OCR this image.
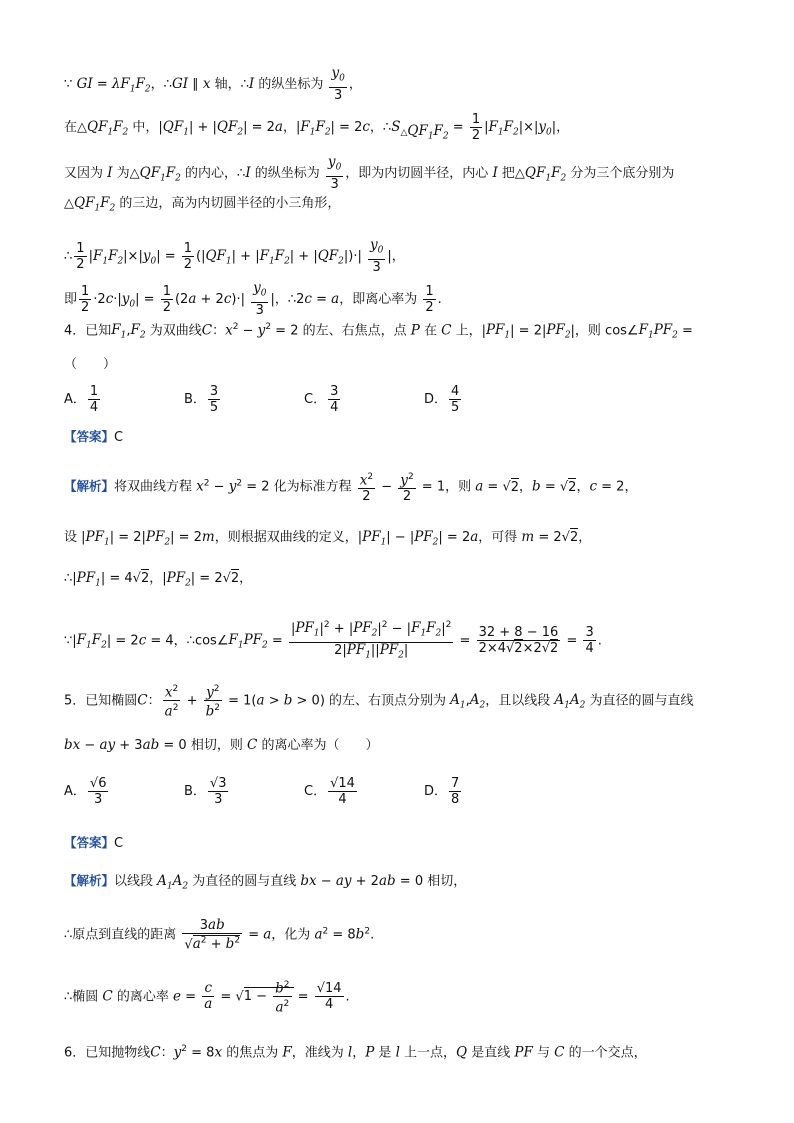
∵ GI = $\lambda F_1F_2$，∴GI ∥ x 轴，∴I 的纵坐标为 $\frac{y_0}{3}$ ，
在$\triangle QF_1F_2$ 中，$|QF_1| + |QF_2| = 2a$，$|F_1F_2| = 2c$，$\therefore S_{\triangle QF_1F_2} = \frac{1}{2} |F_1F_2|\times|y_0|$，
又因为 I 为$\triangle QF_1F_2$ 的内心，∴I 的纵坐标为 $\frac{y_0}{3}$ ，即为内切圆半径，内心 I 把$\triangle QF_1F_2$ 分为三个底分别为
$\triangle QF_1F_2$ 的三边，高为内切圆半径的小三角形，
∴ $\frac{1}{2} |F_1F_2|\times|y_0| = \frac{1}{2} (|QF_1| + |F_1F_2| + |QF_2|)\cdot| \frac{y_0}{3}$ |，
即 $\frac{1}{2} \cdot 2c\cdot|y_0| = \frac{1}{2} (2a + 2c)\cdot| \frac{y_0}{3}$ |，∴2c = a，即离心率为 $\frac{1}{2}$ .
4．已知$F_1,F_2$ 为双曲线C：$x^2 - y^2 = 2$ 的左、右焦点，点 P 在 C 上，$|PF_1| = 2|PF_2|$，则 $\cos\angle F_1PF_2$ =
（　　）
A． $\frac{1}{4}$	B． $\frac{3}{5}$	C． $\frac{3}{4}$	D． $\frac{4}{5}$
【答案】C
【解析】将双曲线方程 $x^2 - y^2 = 2$ 化为标准方程 $\frac{x^2}{2} - \frac{y^2}{2} = 1$，则 a = √2，b = √2，c = 2，
设 $|PF_1| = 2|PF_2| = 2m$，则根据双曲线的定义，$|PF_1| - |PF_2| = 2a$，可得 m = 2√2，
$\therefore|PF_1| = 4√2$，$|PF_2| = 2√2$，
$\because|F_1F_2| = 2c = 4$，$\therefore\cos\angle F_1PF_2 = \frac{|PF_1|^2 + |PF_2|^2 - |F_1F_2|^2}{2|PF_1||PF_2|} = \frac{32 + 8 - 16}{2\times 4√2\times 2√2} = \frac{3}{4}$ .
5．已知椭圆C： $\frac{x^2}{a^2} + \frac{y^2}{b^2} = 1(a > b > 0)$ 的左、右顶点分别为 $A_1,A_2$，且以线段 $A_1A_2$ 为直径的圆与直线
bx − ay + 3ab = 0 相切，则 C 的离心率为（　　）
A． $\frac{√6}{3}$	B． $\frac{√3}{3}$	C． $\frac{√14}{4}$	D． $\frac{7}{8}$
【答案】C
【解析】以线段 $A_1A_2$ 为直径的圆与直线 bx − ay + 2ab = 0 相切，
∴原点到直线的距离 $\frac{3ab}{√a^2 + b^2} = a$，化为 $a^2 = 8b^2$.
∴椭圆 C 的离心率 $e = \frac{c}{a} = √1 - \frac{b^2}{a^2} = \frac{√14}{4}$ .
6．已知抛物线C：$y^2 = 8x$ 的焦点为 F，准线为 l，P 是 l 上一点，Q 是直线 PF 与 C 的一个交点，
